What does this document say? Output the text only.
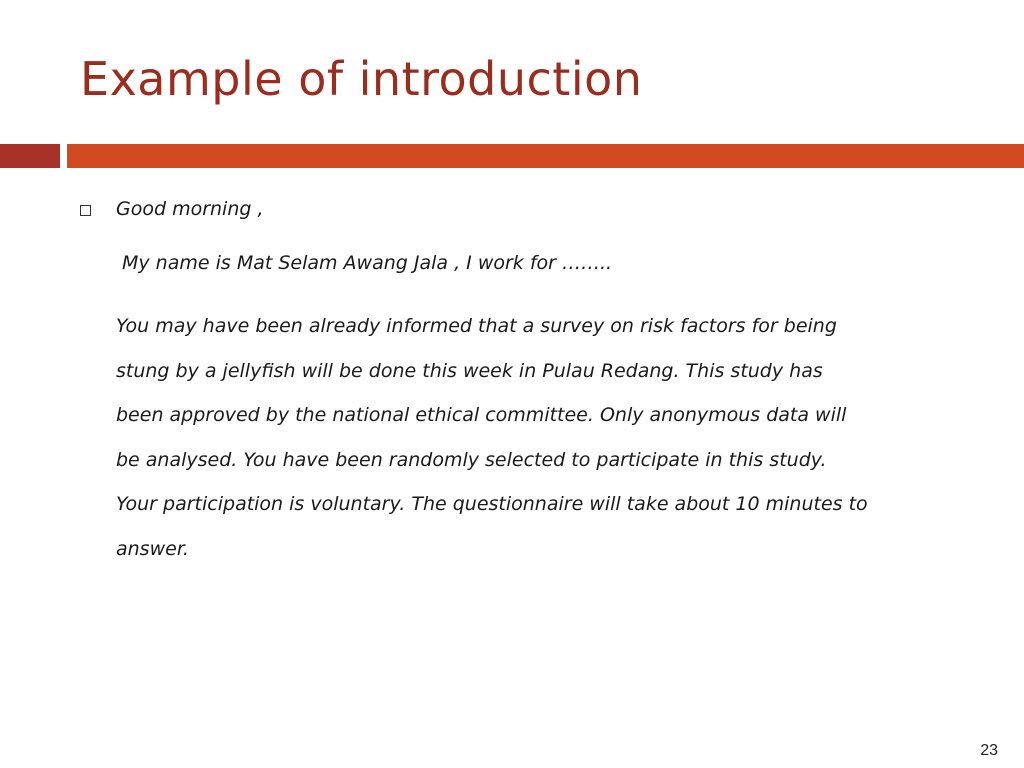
Example of introduction
Good morning ,
My name is Mat Selam Awang Jala , I work for ……..
You may have been already informed that a survey on risk factors for being
stung by a jellyfish will be done this week in Pulau Redang. This study has
been approved by the national ethical committee. Only anonymous data will
be analysed. You have been randomly selected to participate in this study.
Your participation is voluntary. The questionnaire will take about 10 minutes to
answer.
23
